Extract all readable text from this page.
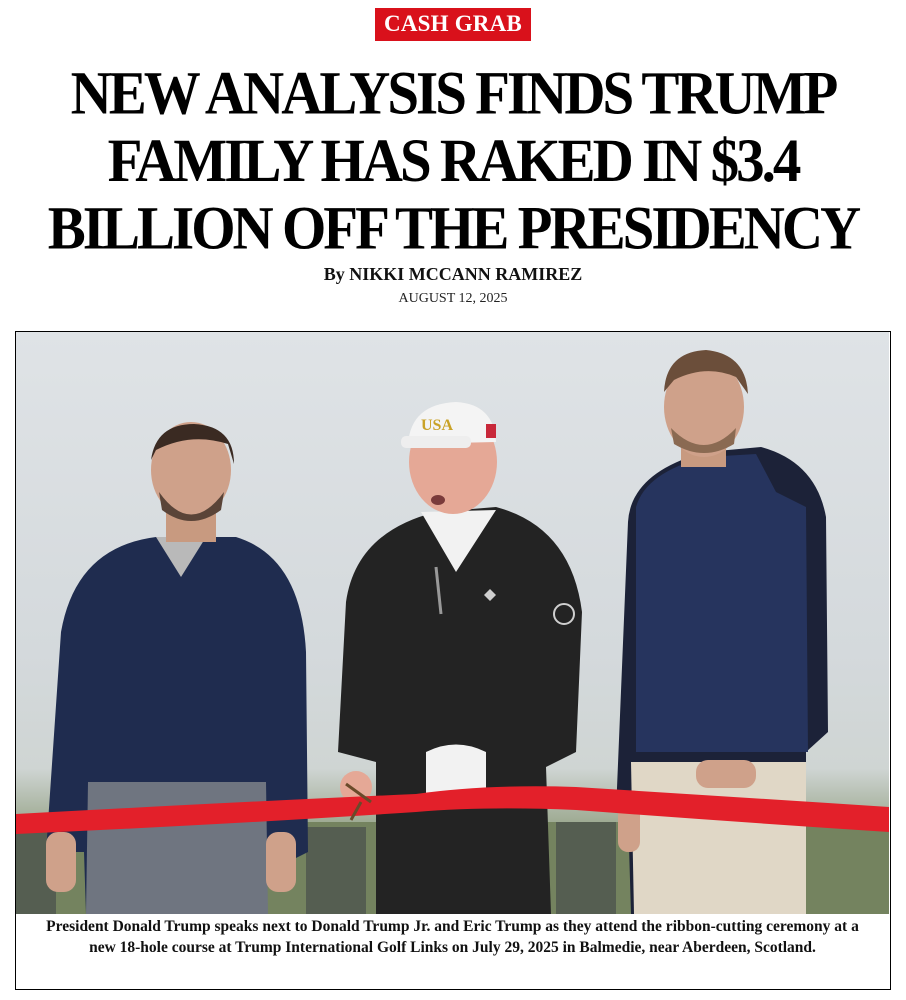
CASH GRAB
NEW ANALYSIS FINDS TRUMP FAMILY HAS RAKED IN $3.4 BILLION OFF THE PRESIDENCY
By NIKKI MCCANN RAMIREZ
AUGUST 12, 2025
USA

President Donald Trump speaks next to Donald Trump Jr. and Eric Trump as they attend the ribbon-cutting ceremony at a new 18-hole course at Trump International Golf Links on July 29, 2025 in Balmedie, near Aberdeen, Scotland.
